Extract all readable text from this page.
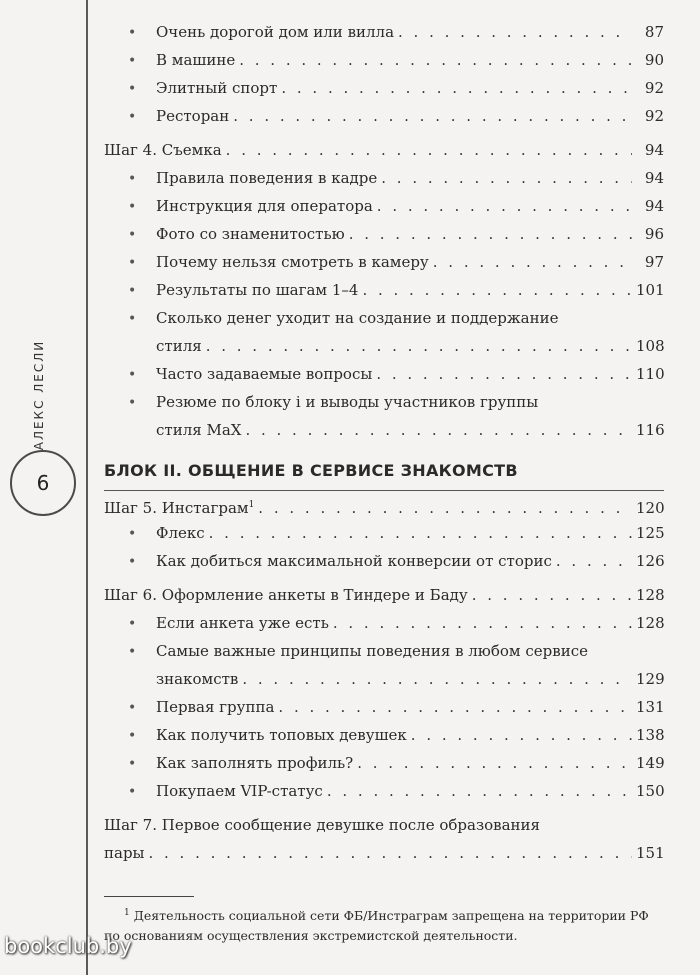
АЛЕКС ЛЕСЛИ
6
•	Очень дорогой дом или вилла . . .	87
•	В машине . . .	90
•	Элитный спорт . . .	92
•	Ресторан . . .	92
Шаг 4. Съемка . . .	94
•	Правила поведения в кадре . . .	94
•	Инструкция для оператора . . .	94
•	Фото со знаменитостью . . .	96
•	Почему нельзя смотреть в камеру . . .	97
•	Результаты по шагам 1–4 . . .	101
•	Сколько денег уходит на создание и поддержание
стиля . . .	108
•	Часто задаваемые вопросы . . .	110
•	Резюме по блоку i и выводы участников группы
стиля MaX . . .	116
БЛОК II. ОБЩЕНИЕ В СЕРВИСЕ ЗНАКОМСТВ
Шаг 5. Инстаграм$^1$ . . .	120
•	Флекс . . .	125
•	Как добиться максимальной конверсии от сторис . . .	126
Шаг 6. Оформление анкеты в Тиндере и Баду . . .	128
•	Если анкета уже есть . . .	128
•	Самые важные принципы поведения в любом сервисе
знакомств . . .	129
•	Первая группа . . .	131
•	Как получить топовых девушек . . .	138
•	Как заполнять профиль? . . .	149
•	Покупаем VIP-статус . . .	150
Шаг 7. Первое сообщение девушке после образования
пары . . .	151
$^1$ Деятельность социальной сети ФБ/Инстраграм запрещена на территории РФ по основаниям осуществления экстремистской деятельности.
bookclub.by
